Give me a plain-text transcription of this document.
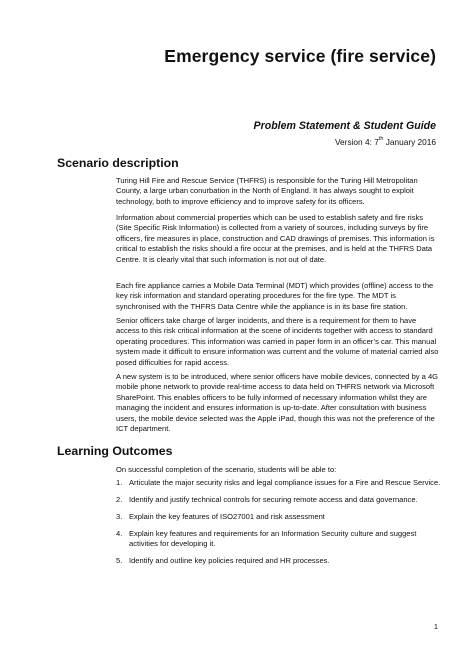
Emergency service (fire service)
Problem Statement & Student Guide
Version 4: 7th January 2016
Scenario description

Turing Hill Fire and Rescue Service (THFRS) is responsible for the Turing Hill Metropolitan County, a large urban conurbation in the North of England. It has always sought to exploit technology, both to improve efficiency and to improve safety for its officers.

Information about commercial properties which can be used to establish safety and fire risks (Site Specific Risk Information) is collected from a variety of sources, including surveys by fire officers, fire measures in place, construction and CAD drawings of premises. This information is critical to establish the risks should a fire occur at the premises, and is held at the THFRS Data Centre. It is clearly vital that such information is not out of date.

Each fire appliance carries a Mobile Data Terminal (MDT) which provides (offline) access to the key risk information and standard operating procedures for the fire type. The MDT is synchronised with the THFRS Data Centre while the appliance is in its base fire station.

Senior officers take charge of larger incidents, and there is a requirement for them to have access to this risk critical information at the scene of incidents together with access to standard operating procedures. This information was carried in paper form in an officer’s car. This manual system made it difficult to ensure information was current and the volume of material carried also posed difficulties for rapid access.

A new system is to be introduced, where senior officers have mobile devices, connected by a 4G mobile phone network to provide real-time access to data held on THFRS network via Microsoft SharePoint. This enables officers to be fully informed of necessary information whilst they are managing the incident and ensures information is up-to-date. After consultation with business users, the mobile device selected was the Apple iPad, though this was not the preference of the ICT department.

Learning Outcomes

On successful completion of the scenario, students will be able to:

1. Articulate the major security risks and legal compliance issues for a Fire and Rescue Service.
2. Identify and justify technical controls for securing remote access and data governance.
3. Explain the key features of ISO27001 and risk assessment
4. Explain key features and requirements for an Information Security culture and suggest activities for developing it.
5. Identify and outline key policies required and HR processes.
1
